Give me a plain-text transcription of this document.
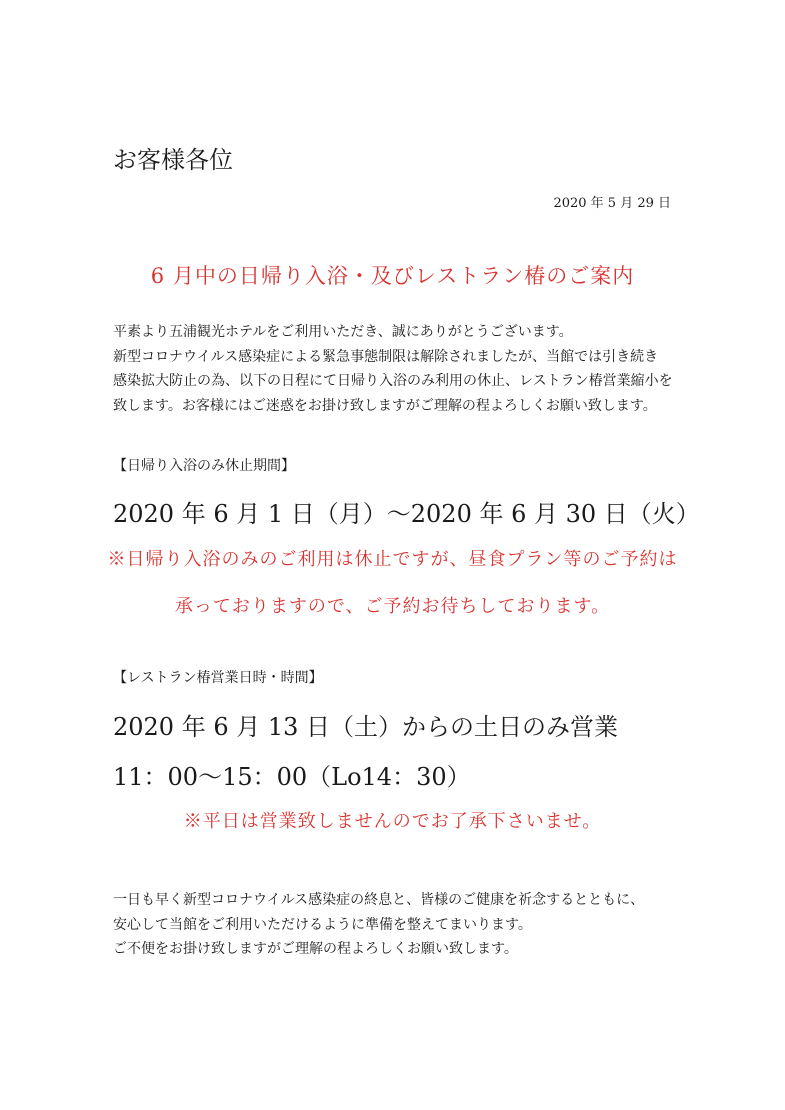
お客様各位
2020 年 5 月 29 日
6 月中の日帰り入浴・及びレストラン椿のご案内
平素より五浦観光ホテルをご利用いただき、誠にありがとうございます。
新型コロナウイルス感染症による緊急事態制限は解除されましたが、当館では引き続き
感染拡大防止の為、以下の日程にて日帰り入浴のみ利用の休止、レストラン椿営業縮小を
致します。お客様にはご迷惑をお掛け致しますがご理解の程よろしくお願い致します。
【日帰り入浴のみ休止期間】
2020 年 6 月 1 日（月）〜2020 年 6 月 30 日（火）
※日帰り入浴のみのご利用は休止ですが、昼食プラン等のご予約は
承っておりますので、ご予約お待ちしております。
【レストラン椿営業日時・時間】
2020 年 6 月 13 日（土）からの土日のみ営業
11：00〜15：00（Lo14：30）
※平日は営業致しませんのでお了承下さいませ。
一日も早く新型コロナウイルス感染症の終息と、皆様のご健康を祈念するとともに、
安心して当館をご利用いただけるように準備を整えてまいります。
ご不便をお掛け致しますがご理解の程よろしくお願い致します。
